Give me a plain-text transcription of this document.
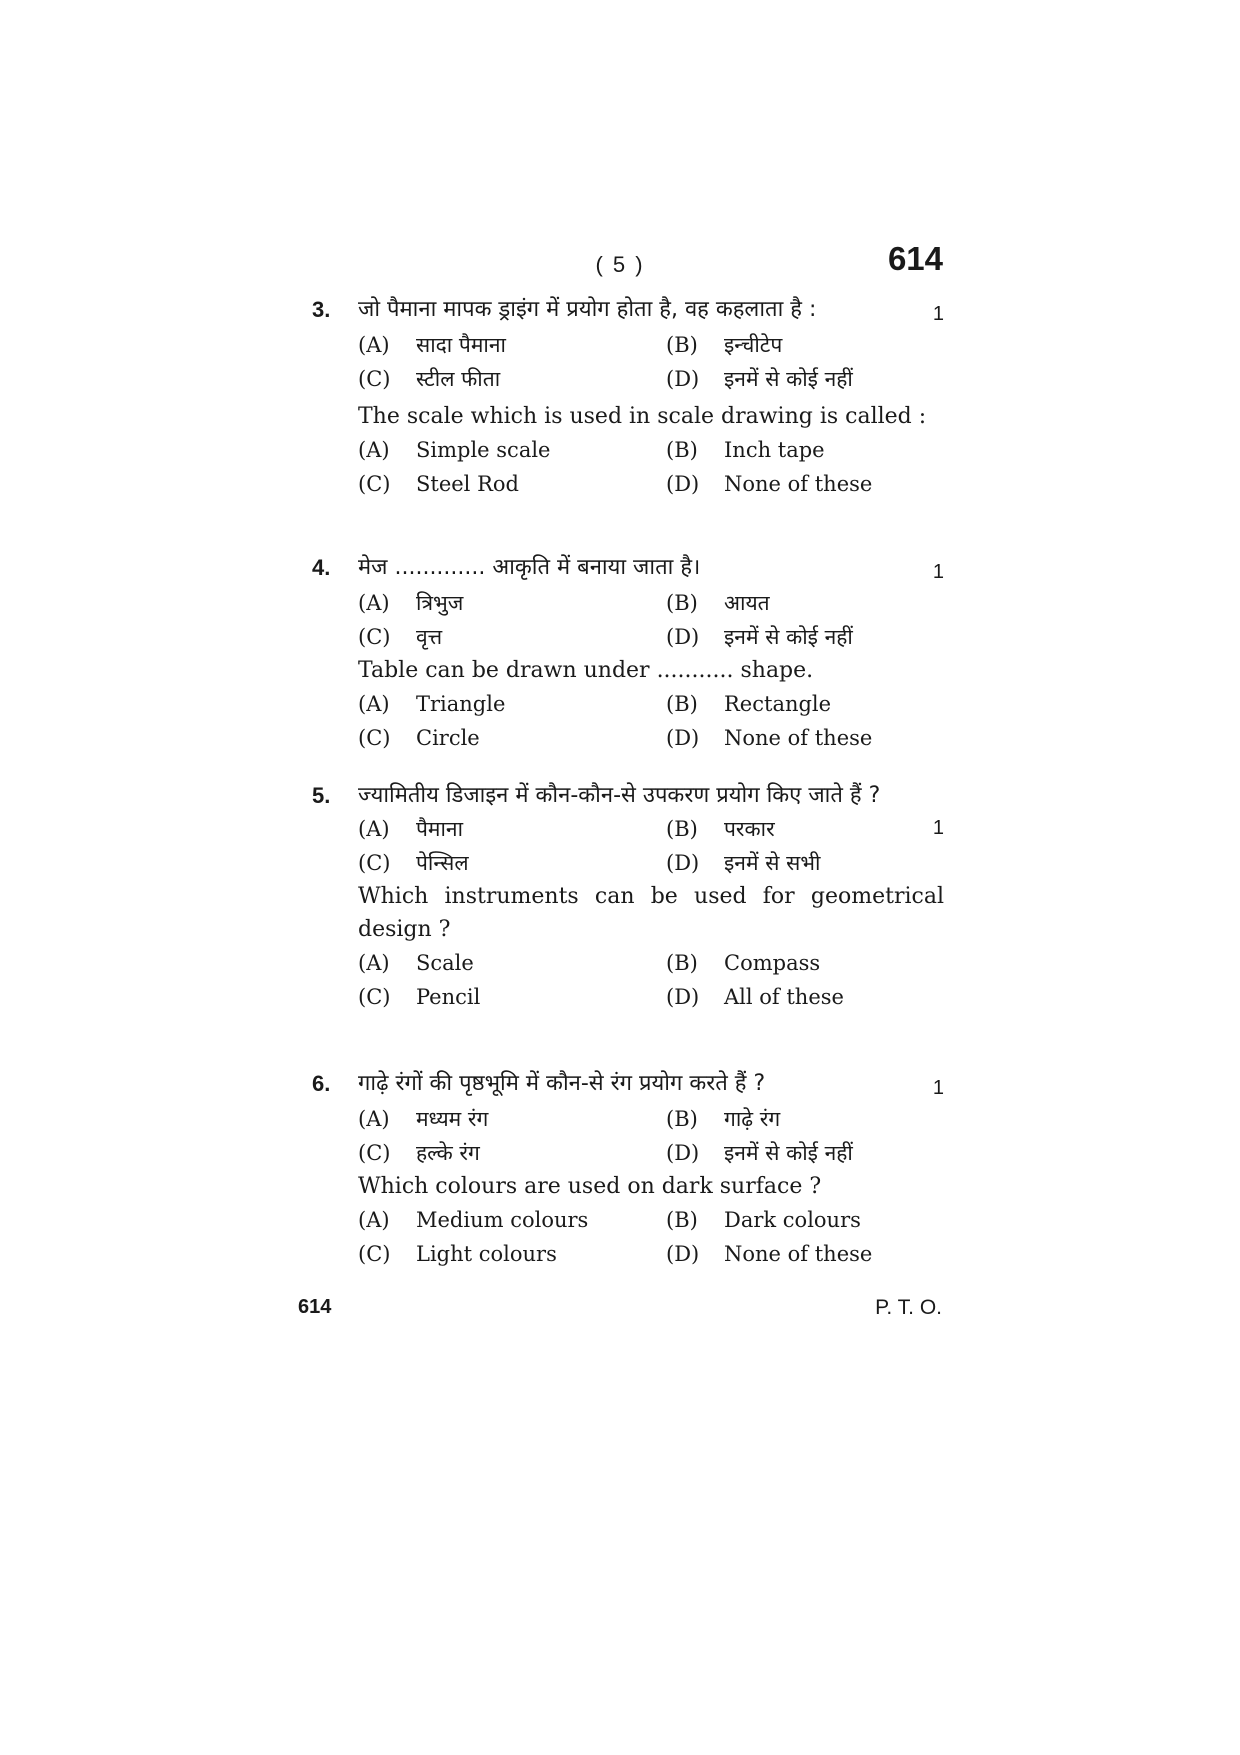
( 5 )	614
3. जो पैमाना मापक ड्राइंग में प्रयोग होता है, वह कहलाता है :	1
(A) सादा पैमाना	(B) इन्चीटेप
(C) स्टील फीता	(D) इनमें से कोई नहीं
The scale which is used in scale drawing is called :
(A) Simple scale	(B) Inch tape
(C) Steel Rod	(D) None of these
4. मेज ............. आकृति में बनाया जाता है।	1
(A) त्रिभुज	(B) आयत
(C) वृत्त	(D) इनमें से कोई नहीं
Table can be drawn under ........... shape.
(A) Triangle	(B) Rectangle
(C) Circle	(D) None of these
5. ज्यामितीय डिजाइन में कौन-कौन-से उपकरण प्रयोग किए जाते हैं ?
1
(A) पैमाना	(B) परकार
(C) पेन्सिल	(D) इनमें से सभी
Which instruments can be used for geometrical design ?
(A) Scale	(B) Compass
(C) Pencil	(D) All of these
6. गाढ़े रंगों की पृष्ठभूमि में कौन-से रंग प्रयोग करते हैं ?	1
(A) मध्यम रंग	(B) गाढ़े रंग
(C) हल्के रंग	(D) इनमें से कोई नहीं
Which colours are used on dark surface ?
(A) Medium colours	(B) Dark colours
(C) Light colours	(D) None of these
614	P. T. O.
